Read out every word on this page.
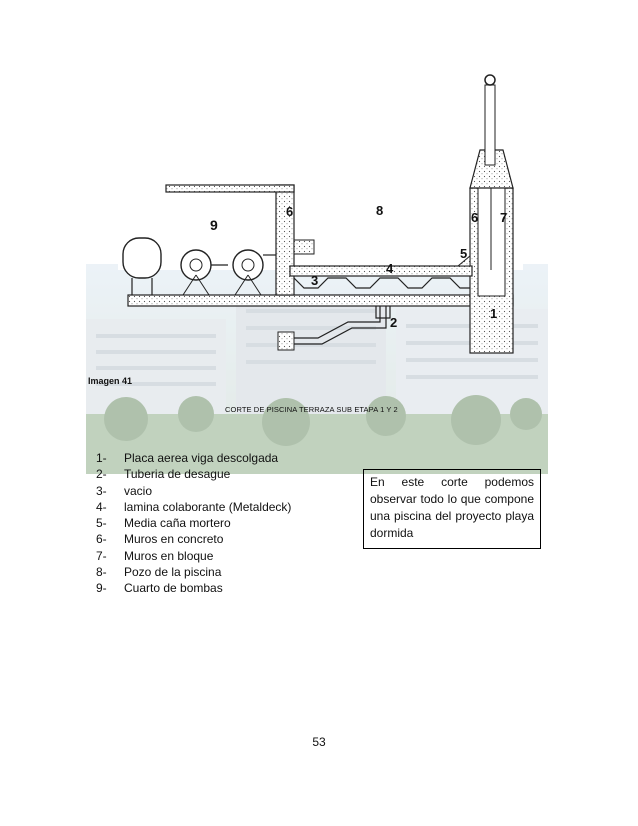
9
6	8	6 7
5
4
3
2
1
Imagen 41
CORTE DE PISCINA TERRAZA SUB ETAPA 1 Y 2
1-	Placa aerea viga descolgada
2-	Tuberia de desague
3-	vacio
4-	lamina colaborante (Metaldeck)
5-	Media caña mortero
6-	Muros en concreto
7-	Muros en bloque
8-	Pozo de la piscina
9-	Cuarto de bombas
En este corte podemos observar todo lo que compone una piscina del proyecto playa dormida
53
